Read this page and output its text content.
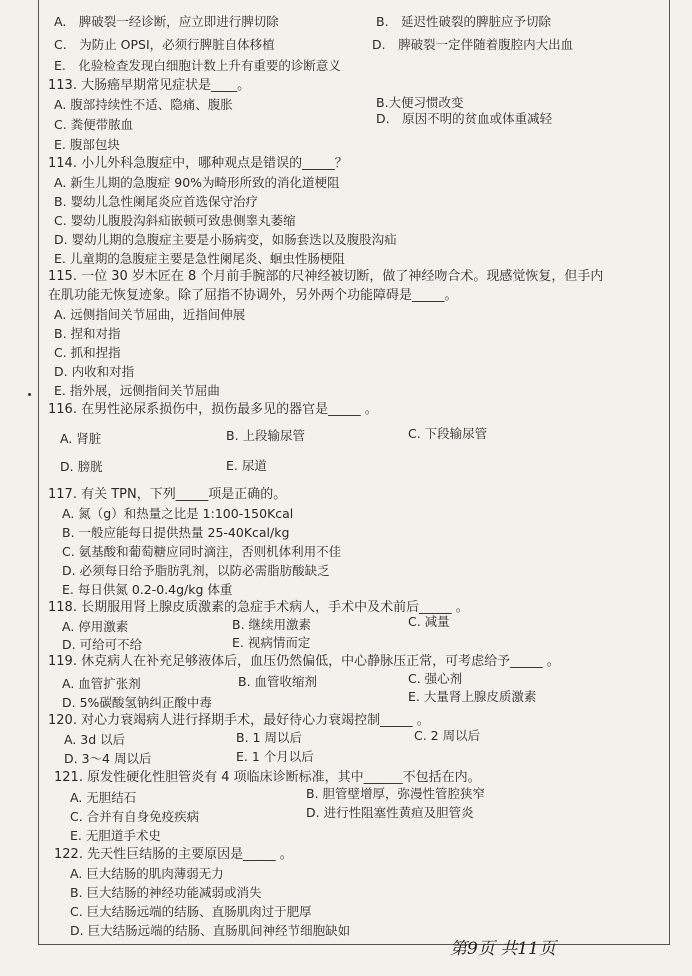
A.　脾破裂一经诊断，应立即进行脾切除	B.　延迟性破裂的脾脏应予切除
C.　为防止 OPSI，必须行脾脏自体移植	D.　脾破裂一定伴随着腹腔内大出血
E.　化验检查发现白细胞计数上升有重要的诊断意义
113. 大肠癌早期常见症状是____。
A. 腹部持续性不适、隐痛、腹胀	B.大便习惯改变
C. 粪便带脓血	D.　原因不明的贫血或体重减轻
E. 腹部包块
114. 小儿外科急腹症中，哪种观点是错误的_____？
A. 新生儿期的急腹症 90%为畸形所致的消化道梗阻
B. 婴幼儿急性阑尾炎应首选保守治疗
C. 婴幼儿腹股沟斜疝嵌顿可致患侧睾丸萎缩
D. 婴幼儿期的急腹症主要是小肠病变，如肠套迭以及腹股沟疝
E. 儿童期的急腹症主要是急性阑尾炎、蛔虫性肠梗阻
115. 一位 30 岁木匠在 8 个月前手腕部的尺神经被切断，做了神经吻合术。现感觉恢复，但手内
在肌功能无恢复迹象。除了屈指不协调外，另外两个功能障碍是_____。
A. 远侧指间关节屈曲，近指间伸展
B. 捏和对指
C. 抓和捏指
D. 内收和对指
E. 指外展，远侧指间关节屈曲
116. 在男性泌尿系损伤中，损伤最多见的器官是_____ 。
A. 肾脏	B. 上段输尿管	C. 下段输尿管
D. 膀胱	E. 尿道
117. 有关 TPN，下列_____项是正确的。
A. 氮（g）和热量之比是 1:100-150Kcal
B. 一般应能每日提供热量 25-40Kcal/kg
C. 氨基酸和葡萄糖应同时滴注，否则机体利用不佳
D. 必须每日给予脂肪乳剂，以防必需脂肪酸缺乏
E. 每日供氮 0.2-0.4g/kg 体重
118. 长期服用肾上腺皮质激素的急症手术病人，手术中及术前后_____ 。
A. 停用激素	B. 继续用激素	C. 减量
D. 可给可不给	E. 视病情而定
119. 休克病人在补充足够液体后，血压仍然偏低，中心静脉压正常，可考虑给予_____ 。
A. 血管扩张剂	B. 血管收缩剂	C. 强心剂
D. 5%碳酸氢钠纠正酸中毒	E. 大量肾上腺皮质激素
120. 对心力衰竭病人进行择期手术，最好待心力衰竭控制_____ 。
A. 3d 以后	B. 1 周以后	C. 2 周以后
D. 3～4 周以后	E. 1 个月以后
121. 原发性硬化性胆管炎有 4 项临床诊断标准，其中______不包括在内。
A. 无胆结石	B. 胆管壁增厚，弥漫性管腔狭窄
C. 合并有自身免疫疾病	D. 进行性阻塞性黄疸及胆管炎
E. 无胆道手术史
122. 先天性巨结肠的主要原因是_____ 。
A. 巨大结肠的肌肉薄弱无力
B. 巨大结肠的神经功能减弱或消失
C. 巨大结肠远端的结肠、直肠肌肉过于肥厚
D. 巨大结肠远端的结肠、直肠肌间神经节细胞缺如
第9页 共11页
